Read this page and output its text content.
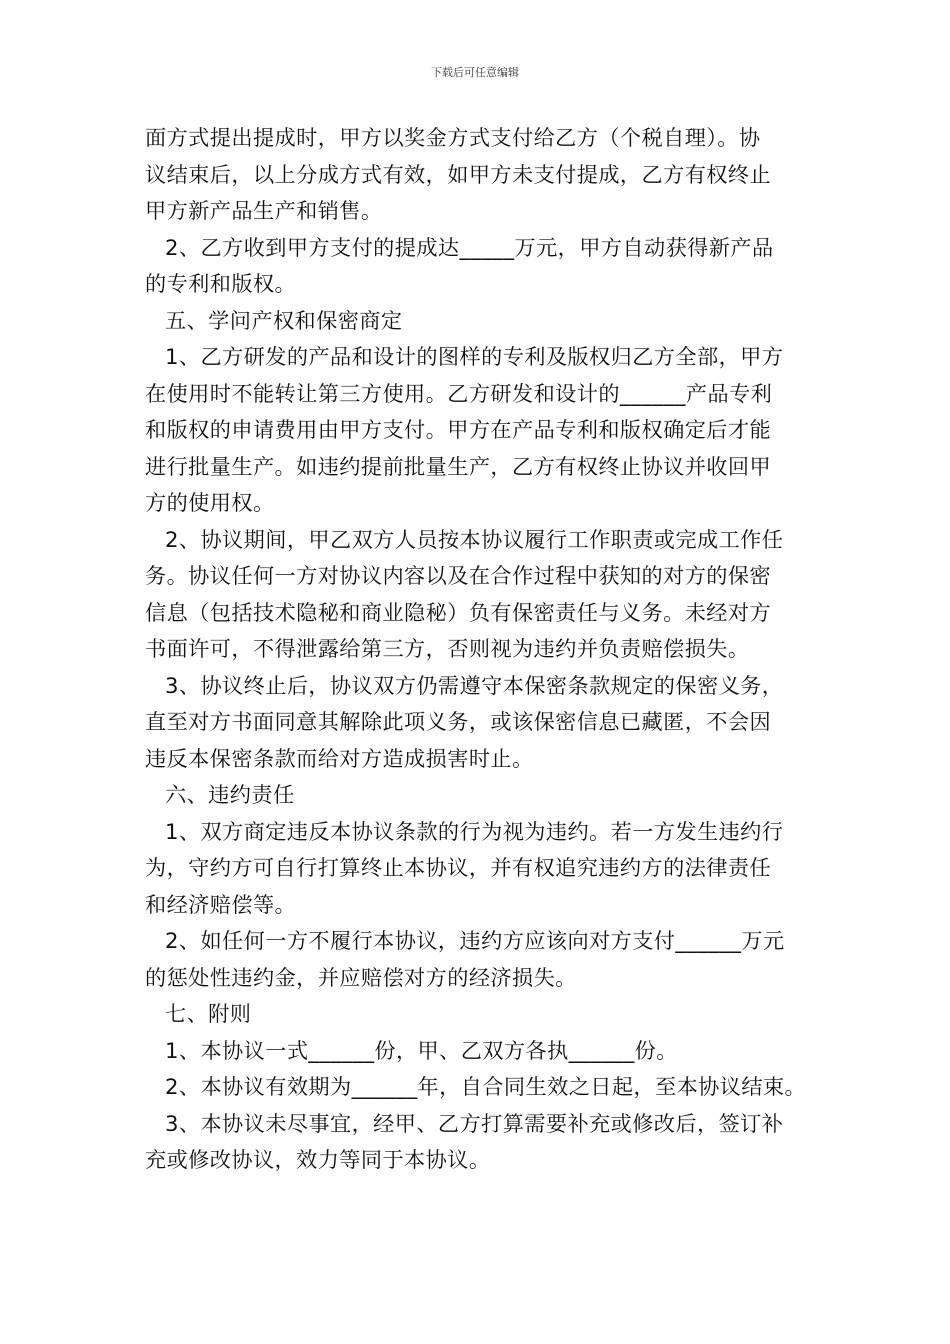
下载后可任意编辑
面方式提出提成时，甲方以奖金方式支付给乙方（个税自理）。协
议结束后，以上分成方式有效，如甲方未支付提成，乙方有权终止
甲方新产品生产和销售。
2、乙方收到甲方支付的提成达_____万元，甲方自动获得新产品
的专利和版权。
五、学问产权和保密商定
1、乙方研发的产品和设计的图样的专利及版权归乙方全部，甲方
在使用时不能转让第三方使用。乙方研发和设计的______产品专利
和版权的申请费用由甲方支付。甲方在产品专利和版权确定后才能
进行批量生产。如违约提前批量生产，乙方有权终止协议并收回甲
方的使用权。
2、协议期间，甲乙双方人员按本协议履行工作职责或完成工作任
务。协议任何一方对协议内容以及在合作过程中获知的对方的保密
信息（包括技术隐秘和商业隐秘）负有保密责任与义务。未经对方
书面许可，不得泄露给第三方，否则视为违约并负责赔偿损失。
3、协议终止后，协议双方仍需遵守本保密条款规定的保密义务，
直至对方书面同意其解除此项义务，或该保密信息已藏匿，不会因
违反本保密条款而给对方造成损害时止。
六、违约责任
1、双方商定违反本协议条款的行为视为违约。若一方发生违约行
为，守约方可自行打算终止本协议，并有权追究违约方的法律责任
和经济赔偿等。
2、如任何一方不履行本协议，违约方应该向对方支付______万元
的惩处性违约金，并应赔偿对方的经济损失。
七、附则
1、本协议一式______份，甲、乙双方各执______份。
2、本协议有效期为______年，自合同生效之日起，至本协议结束。
3、本协议未尽事宜，经甲、乙方打算需要补充或修改后，签订补
充或修改协议，效力等同于本协议。
